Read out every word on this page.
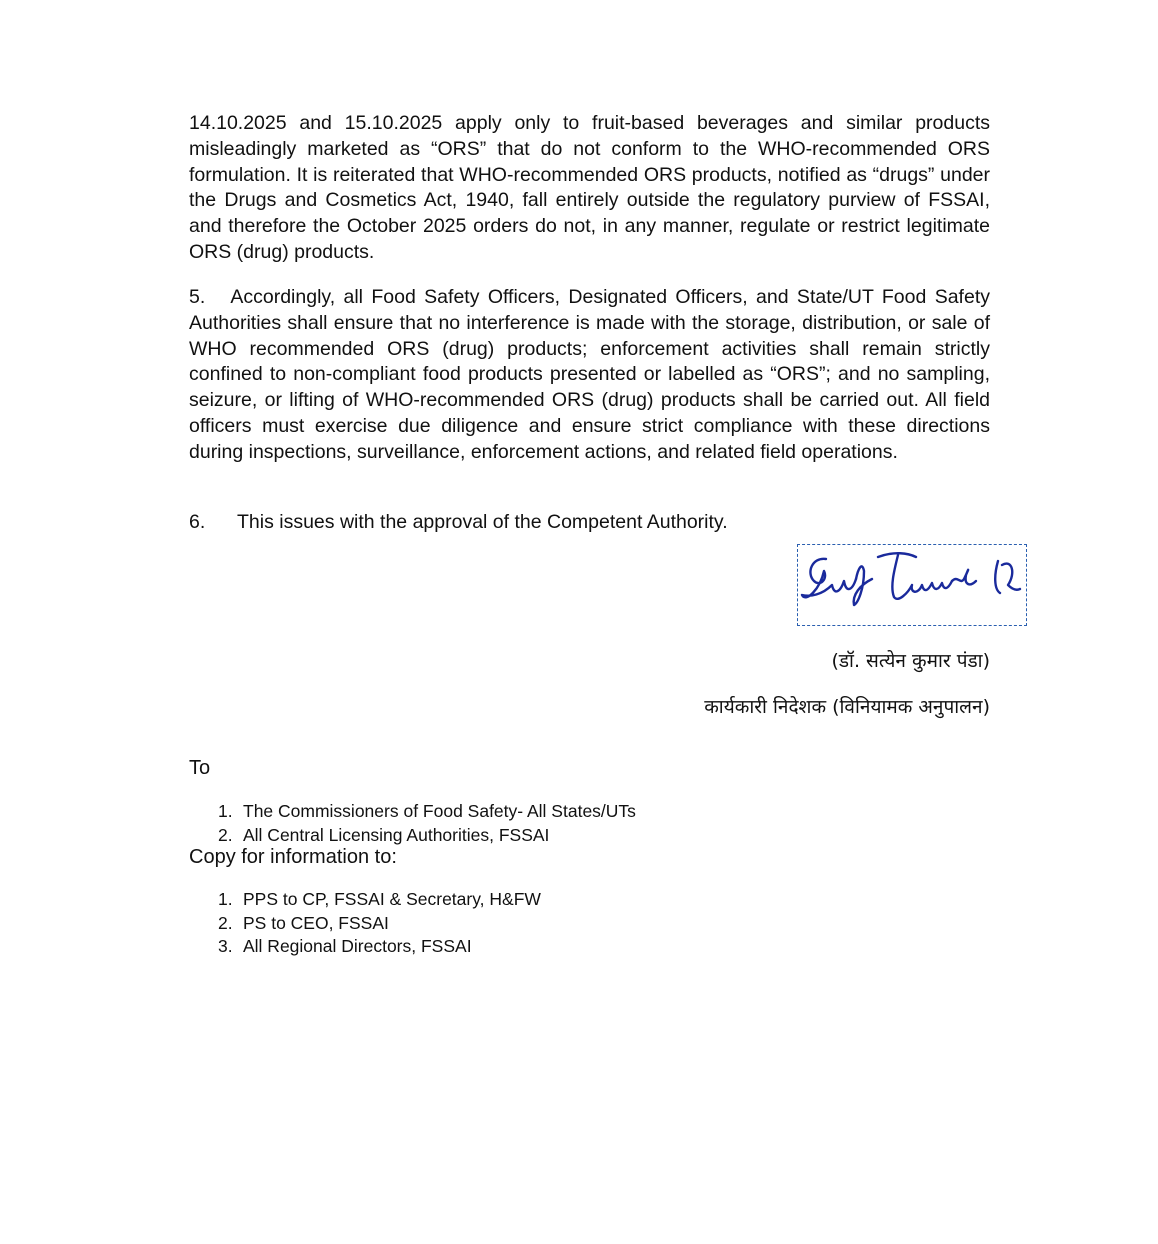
14.10.2025 and 15.10.2025 apply only to fruit-based beverages and similar products misleadingly marketed as “ORS” that do not conform to the WHO-recommended ORS formulation. It is reiterated that WHO-recommended ORS products, notified as “drugs” under the Drugs and Cosmetics Act, 1940, fall entirely outside the regulatory purview of FSSAI, and therefore the October 2025 orders do not, in any manner, regulate or restrict legitimate ORS (drug) products.

5. Accordingly, all Food Safety Officers, Designated Officers, and State/UT Food Safety Authorities shall ensure that no interference is made with the storage, distribution, or sale of WHO recommended ORS (drug) products; enforcement activities shall remain strictly confined to non-compliant food products presented or labelled as “ORS”; and no sampling, seizure, or lifting of WHO-recommended ORS (drug) products shall be carried out. All field officers must exercise due diligence and ensure strict compliance with these directions during inspections, surveillance, enforcement actions, and related field operations.

6. This issues with the approval of the Competent Authority.
(डॉ. सत्येन कुमार पंडा)
कार्यकारी निदेशक (विनियामक अनुपालन)
To
1. The Commissioners of Food Safety- All States/UTs
2. All Central Licensing Authorities, FSSAI
Copy for information to:
1. PPS to CP, FSSAI & Secretary, H&FW
2. PS to CEO, FSSAI
3. All Regional Directors, FSSAI
